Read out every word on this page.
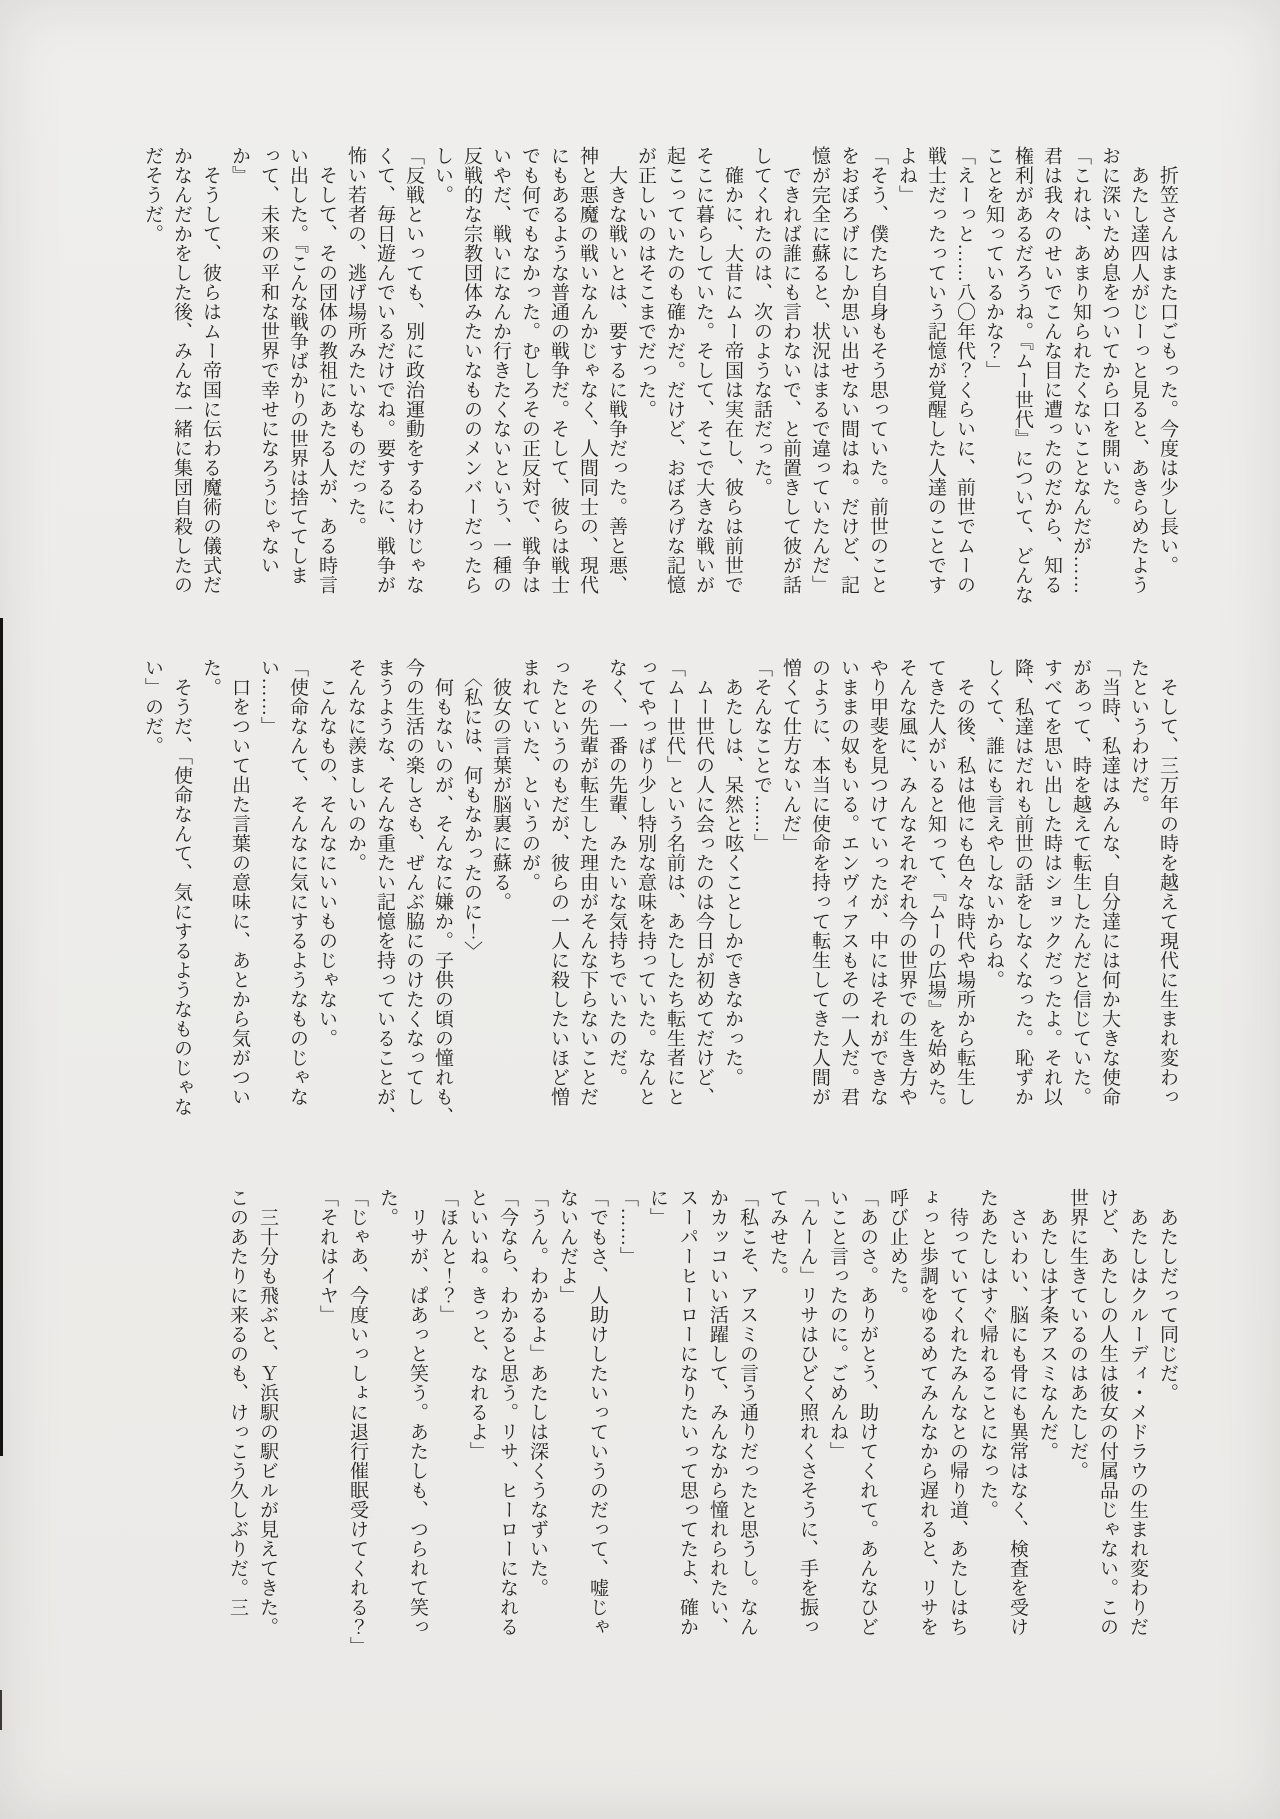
　折笠さんはまた口ごもった。今度は少し長い。
　あたし達四人がじーっと見ると、あきらめたよう
おに深いため息をついてから口を開いた。
「これは、あまり知られたくないことなんだが……
君は我々のせいでこんな目に遭ったのだから、知る
権利があるだろうね。『ムー世代』について、どんな
ことを知っているかな？」
「えーっと……八〇年代？くらいに、前世でムーの
戦士だったっていう記憶が覚醒した人達のことです
よね」
「そう、僕たち自身もそう思っていた。前世のこと
をおぼろげにしか思い出せない間はね。だけど、記
憶が完全に蘇ると、状況はまるで違っていたんだ」
　できれば誰にも言わないで、と前置きして彼が話
してくれたのは、次のような話だった。
　確かに、大昔にムー帝国は実在し、彼らは前世で
そこに暮らしていた。そして、そこで大きな戦いが
起こっていたのも確かだ。だけど、おぼろげな記憶
が正しいのはそこまでだった。
　大きな戦いとは、要するに戦争だった。善と悪、
神と悪魔の戦いなんかじゃなく、人間同士の、現代
にもあるような普通の戦争だ。そして、彼らは戦士
でも何でもなかった。むしろその正反対で、戦争は
いやだ、戦いになんか行きたくないという、一種の
反戦的な宗教団体みたいなもののメンバーだったら
しい。
「反戦といっても、別に政治運動をするわけじゃな
くて、毎日遊んでいるだけでね。要するに、戦争が
怖い若者の、逃げ場所みたいなものだった。
　そして、その団体の教祖にあたる人が、ある時言
い出した。『こんな戦争ばかりの世界は捨ててしま
って、未来の平和な世界で幸せになろうじゃない
か』
　そうして、彼らはムー帝国に伝わる魔術の儀式だ
かなんだかをした後、みんな一緒に集団自殺したの
だそうだ。
　そして、三万年の時を越えて現代に生まれ変わっ
たというわけだ。
「当時、私達はみんな、自分達には何か大きな使命
があって、時を越えて転生したんだと信じていた。
すべてを思い出した時はショックだったよ。それ以
降、私達はだれも前世の話をしなくなった。恥ずか
しくて、誰にも言えやしないからね。
　その後、私は他にも色々な時代や場所から転生し
てきた人がいると知って、『ムーの広場』を始めた。
そんな風に、みんなそれぞれ今の世界での生き方や
やり甲斐を見つけていったが、中にはそれができな
いままの奴もいる。エンヴィアスもその一人だ。君
のように、本当に使命を持って転生してきた人間が
憎くて仕方ないんだ」
「そんなことで……」
　あたしは、呆然と呟くことしかできなかった。
　ムー世代の人に会ったのは今日が初めてだけど、
「ムー世代」という名前は、あたしたち転生者にと
ってやっぱり少し特別な意味を持っていた。なんと
なく、一番の先輩、みたいな気持ちでいたのだ。
　その先輩が転生した理由がそんな下らないことだ
ったというのもだが、彼らの一人に殺したいほど憎
まれていた、というのが。
　彼女の言葉が脳裏に蘇る。
　〈私には、何もなかったのに！〉
　何もないのが、そんなに嫌か。子供の頃の憧れも、
今の生活の楽しさも、ぜんぶ脇にのけたくなってし
まうような、そんな重たい記憶を持っていることが、
そんなに羨ましいのか。
　こんなもの、そんなにいいものじゃない。
「使命なんて、そんなに気にするようなものじゃな
い……」
　口をついて出た言葉の意味に、あとから気がつい
た。
　そうだ、「使命なんて、気にするようなものじゃな
い」のだ。
　あたしだって同じだ。
　あたしはクルーディ・メドラウの生まれ変わりだ
けど、あたしの人生は彼女の付属品じゃない。この
世界に生きているのはあたしだ。
　あたしは才条アスミなんだ。
　さいわい、脳にも骨にも異常はなく、検査を受け
たあたしはすぐ帰れることになった。
　待っていてくれたみんなとの帰り道、あたしはち
ょっと歩調をゆるめてみんなから遅れると、リサを
呼び止めた。
「あのさ。ありがとう、助けてくれて。あんなひど
いこと言ったのに。ごめんね」
「んーん」リサはひどく照れくさそうに、手を振っ
てみせた。
「私こそ、アスミの言う通りだったと思うし。なん
かカッコいい活躍して、みんなから憧れられたい、
スーパーヒーローになりたいって思ってたよ、確か
に」
「……」
「でもさ、人助けしたいっていうのだって、嘘じゃ
ないんだよ」
「うん。わかるよ」あたしは深くうなずいた。
「今なら、わかると思う。リサ、ヒーローになれる
といいね。きっと、なれるよ」
「ほんと！？」
　リサが、ぱあっと笑う。あたしも、つられて笑っ
た。
「じゃあ、今度いっしょに退行催眠受けてくれる？」
「それはイヤ」
　三十分も飛ぶと、Ｙ浜駅の駅ビルが見えてきた。
このあたりに来るのも、けっこう久しぶりだ。三
